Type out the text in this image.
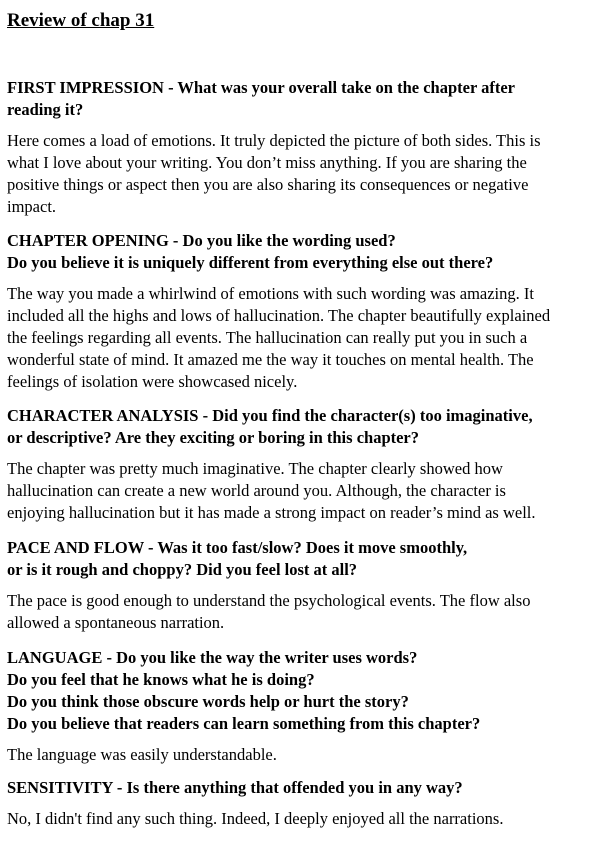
Review of chap 31
FIRST IMPRESSION - What was your overall take on the chapter after
reading it?
Here comes a load of emotions. It truly depicted the picture of both sides. This is
what I love about your writing. You don’t miss anything. If you are sharing the
positive things or aspect then you are also sharing its consequences or negative
impact.
CHAPTER OPENING - Do you like the wording used?
Do you believe it is uniquely different from everything else out there?
The way you made a whirlwind of emotions with such wording was amazing. It
included all the highs and lows of hallucination. The chapter beautifully explained
the feelings regarding all events. The hallucination can really put you in such a
wonderful state of mind. It amazed me the way it touches on mental health. The
feelings of isolation were showcased nicely.
CHARACTER ANALYSIS - Did you find the character(s) too imaginative,
or descriptive? Are they exciting or boring in this chapter?
The chapter was pretty much imaginative. The chapter clearly showed how
hallucination can create a new world around you. Although, the character is
enjoying hallucination but it has made a strong impact on reader’s mind as well.
PACE AND FLOW - Was it too fast/slow? Does it move smoothly,
or is it rough and choppy? Did you feel lost at all?
The pace is good enough to understand the psychological events. The flow also
allowed a spontaneous narration.
LANGUAGE - Do you like the way the writer uses words?
Do you feel that he knows what he is doing?
Do you think those obscure words help or hurt the story?
Do you believe that readers can learn something from this chapter?
The language was easily understandable.
SENSITIVITY - Is there anything that offended you in any way?
No, I didn't find any such thing. Indeed, I deeply enjoyed all the narrations.
